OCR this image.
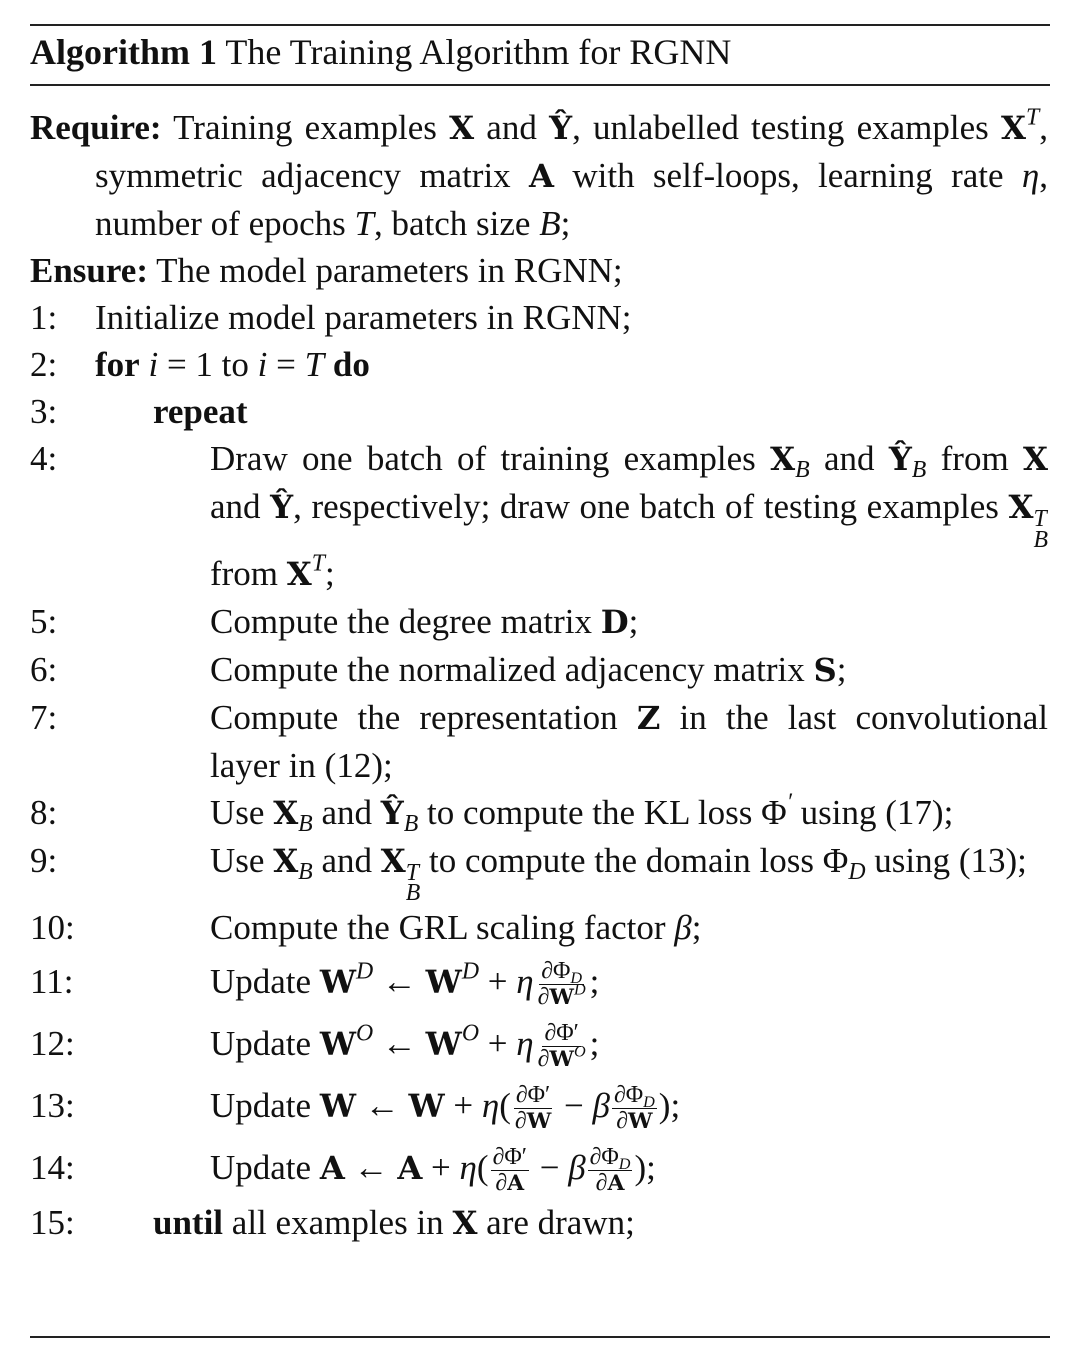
Algorithm 1 The Training Algorithm for RGNN
Require: Training examples X and Ŷ, unlabelled testing examples $X^T$, symmetric adjacency matrix A with self-loops, learning rate η, number of epochs T, batch size B;
Ensure: The model parameters in RGNN;
1:	Initialize model parameters in RGNN;
2:	for i = 1 to i = T do
3:	repeat
4:	Draw one batch of training examples $X_B$ and $Ŷ_B$ from X and Ŷ, respectively; draw one batch of testing examples X T
B
from $X^T$;
5:	Compute the degree matrix D;
6:	Compute the normalized adjacency matrix S;
7:	Compute the representation Z in the last convolutional layer in (12);
8:	Use $X_B$ and $Ŷ_B$ to compute the KL loss Φ′ using (17);
9:	Use $X_B$ and X T
B
to compute the domain loss $\Phi_D$ using (13);
10:	Compute the GRL scaling factor β;
11:	Update $W^D$ ← $W^D + \eta \frac{\partial\Phi_D}{\partial W^D}$ ;
12:	Update $W^O$ ← $W^O + \eta \frac{\partial\Phi'}{\partial W^O}$ ;
13:	Update W ← $W + \eta( \frac{\partial\Phi'}{\partial W} - \beta \frac{\partial\Phi_D}{\partial W}$ );
14:	Update A ← $A + \eta( \frac{\partial\Phi'}{\partial A} - \beta \frac{\partial\Phi_D}{\partial A}$ );
15: until all examples in X are drawn;
